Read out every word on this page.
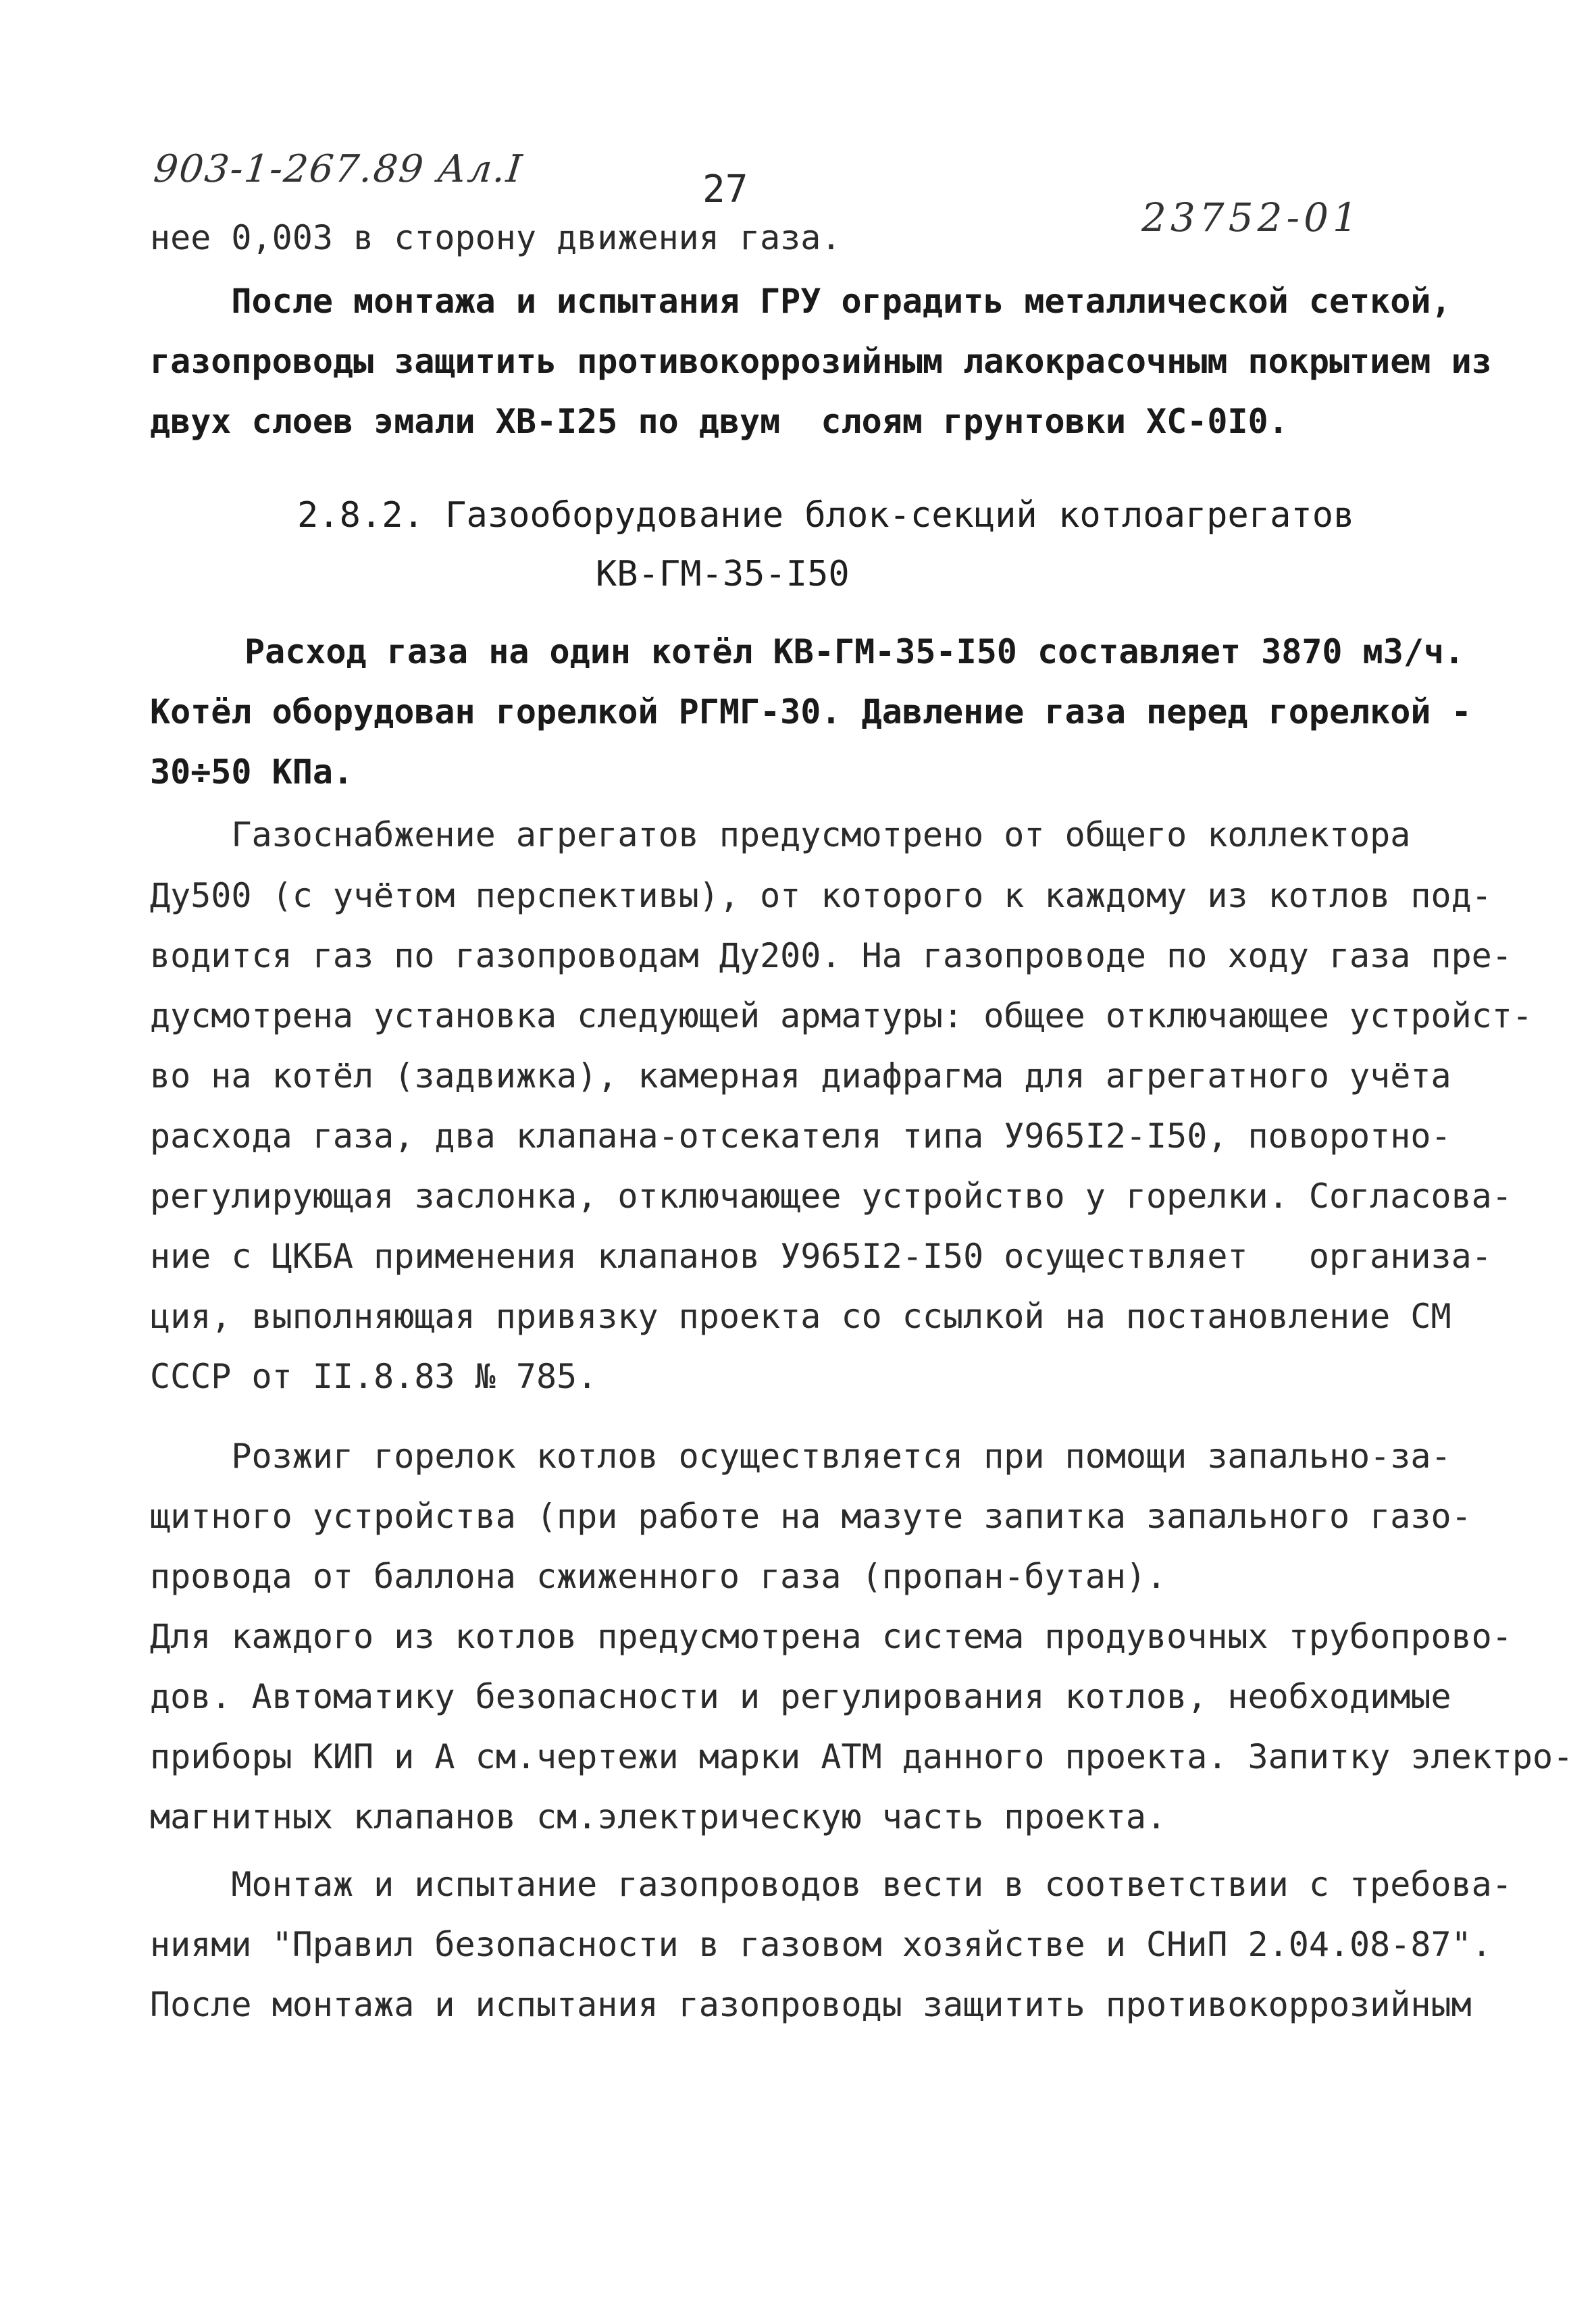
903-1-267.89 Ал.I	27
23752-01
нее 0,003 в сторону движения газа.
Поcле монтажа и испытания ГРУ оградить металлической сеткой,
газопроводы защитить противокоррозийным лакокрасочным покрытием из
двух слоев эмали ХВ-I25 по двум  слоям грунтовки ХС-0I0.
2.8.2. Газооборудование блок-секций котлоагрегатов
КВ-ГМ-35-I50
Расход газа на один котёл КВ-ГМ-35-I50 составляет 3870 м3/ч.
Котёл оборудован горелкой РГМГ-30. Давление газа перед горелкой -
30÷50 КПа.
Газоснабжение агрегатов предусмотрено от общего коллектора
Ду500 (с учётом перспективы), от которого к каждому из котлов под-
водится газ по газопроводам Ду200. На газопроводе по ходу газа пре-
дусмотрена установка следующей арматуры: общее отключающее устройст-
во на котёл (задвижка), камерная диафрагма для агрегатного учёта
расхода газа, два клапана-отсекателя типа У965I2-I50, поворотно-
регулирующая заслонка, отключающее устройство у горелки. Согласова-
ние с ЦКБА применения клапанов У965I2-I50 осуществляет   организа-
ция, выполняющая привязку проекта со ссылкой на постановление СМ
СССР от II.8.83 № 785.
Розжиг горелок котлов осуществляется при помощи запально-за-
щитного устройства (при работе на мазуте запитка запального газо-
провода от баллона сжиженного газа (пропан-бутан).
Для каждого из котлов предусмотрена система продувочных трубопрово-
дов. Автоматику безопасности и регулирования котлов, необходимые
приборы КИП и А см.чертежи марки АТМ данного проекта. Запитку электро-
магнитных клапанов см.электрическую часть проекта.
Монтаж и испытание газопроводов вести в соответствии с требова-
ниями "Правил безопасности в газовом хозяйстве и СНиП 2.04.08-87".
После монтажа и испытания газопроводы защитить противокоррозийным
